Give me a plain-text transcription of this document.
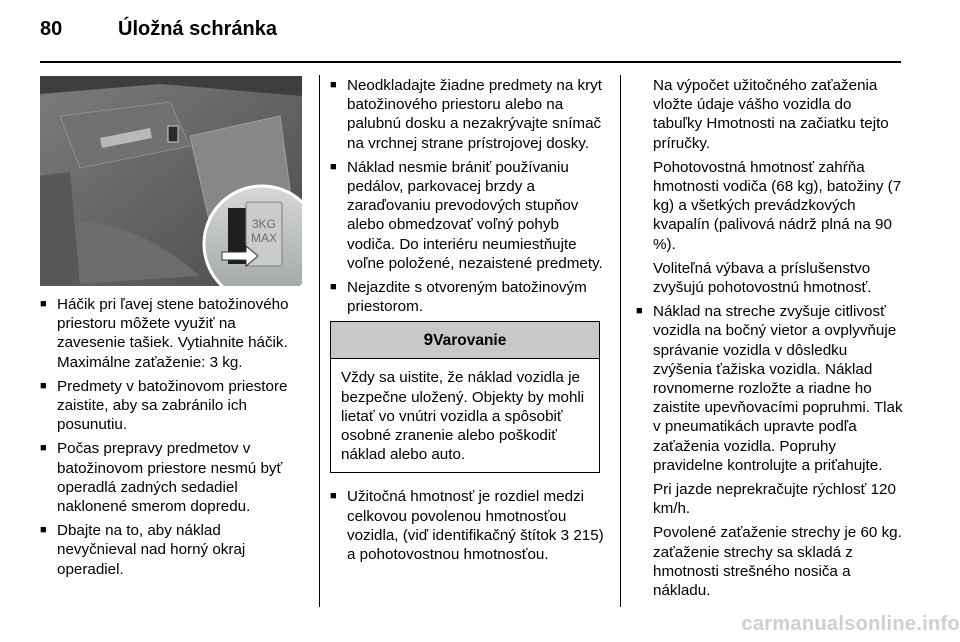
80	Úložná schránka
3KG
MAX
■ Háčik pri ľavej stene batožinového priestoru môžete využiť na zavesenie tašiek. Vytiahnite háčik. Maximálne zaťaženie: 3 kg.
■ Predmety v batožinovom priestore zaistite, aby sa zabránilo ich posunutiu.
■ Počas prepravy predmetov v batožinovom priestore nesmú byť operadlá zadných sedadiel naklonené smerom dopredu.
■ Dbajte na to, aby náklad nevyčnieval nad horný okraj operadiel.
■ Neodkladajte žiadne predmety na kryt batožinového priestoru alebo na palubnú dosku a nezakrývajte snímač na vrchnej strane prístrojovej dosky.
■ Náklad nesmie brániť používaniu pedálov, parkovacej brzdy a zaraďovaniu prevodových stupňov alebo obmedzovať voľný pohyb vodiča. Do interiéru neumiestňujte voľne položené, nezaistené predmety.
■ Nejazdite s otvoreným batožinovým priestorom.
9Varovanie
Vždy sa uistite, že náklad vozidla je bezpečne uložený. Objekty by mohli lietať vo vnútri vozidla a spôsobiť osobné zranenie alebo poškodiť náklad alebo auto.
■ Užitočná hmotnosť je rozdiel medzi celkovou povolenou hmotnosťou vozidla, (viď identifikačný štítok 3 215) a pohotovostnou hmotnosťou.

Na výpočet užitočného zaťaženia vložte údaje vášho vozidla do tabuľky Hmotnosti na začiatku tejto príručky.

Pohotovostná hmotnosť zahŕňa hmotnosti vodiča (68 kg), batožiny (7 kg) a všetkých prevádzkových kvapalín (palivová nádrž plná na 90 %).

Voliteľná výbava a príslušenstvo zvyšujú pohotovostnú hmotnosť.

■ Náklad na streche zvyšuje citlivosť vozidla na bočný vietor a ovplyvňuje správanie vozidla v dôsledku zvýšenia ťažiska vozidla. Náklad rovnomerne rozložte a riadne ho zaistite upevňovacími popruhmi. Tlak v pneumatikách upravte podľa zaťaženia vozidla. Popruhy pravidelne kontrolujte a priťahujte.

Pri jazde neprekračujte rýchlosť 120 km/h.

Povolené zaťaženie strechy je 60 kg. zaťaženie strechy sa skladá z hmotnosti strešného nosiča a nákladu.

carmanualsonline.info
